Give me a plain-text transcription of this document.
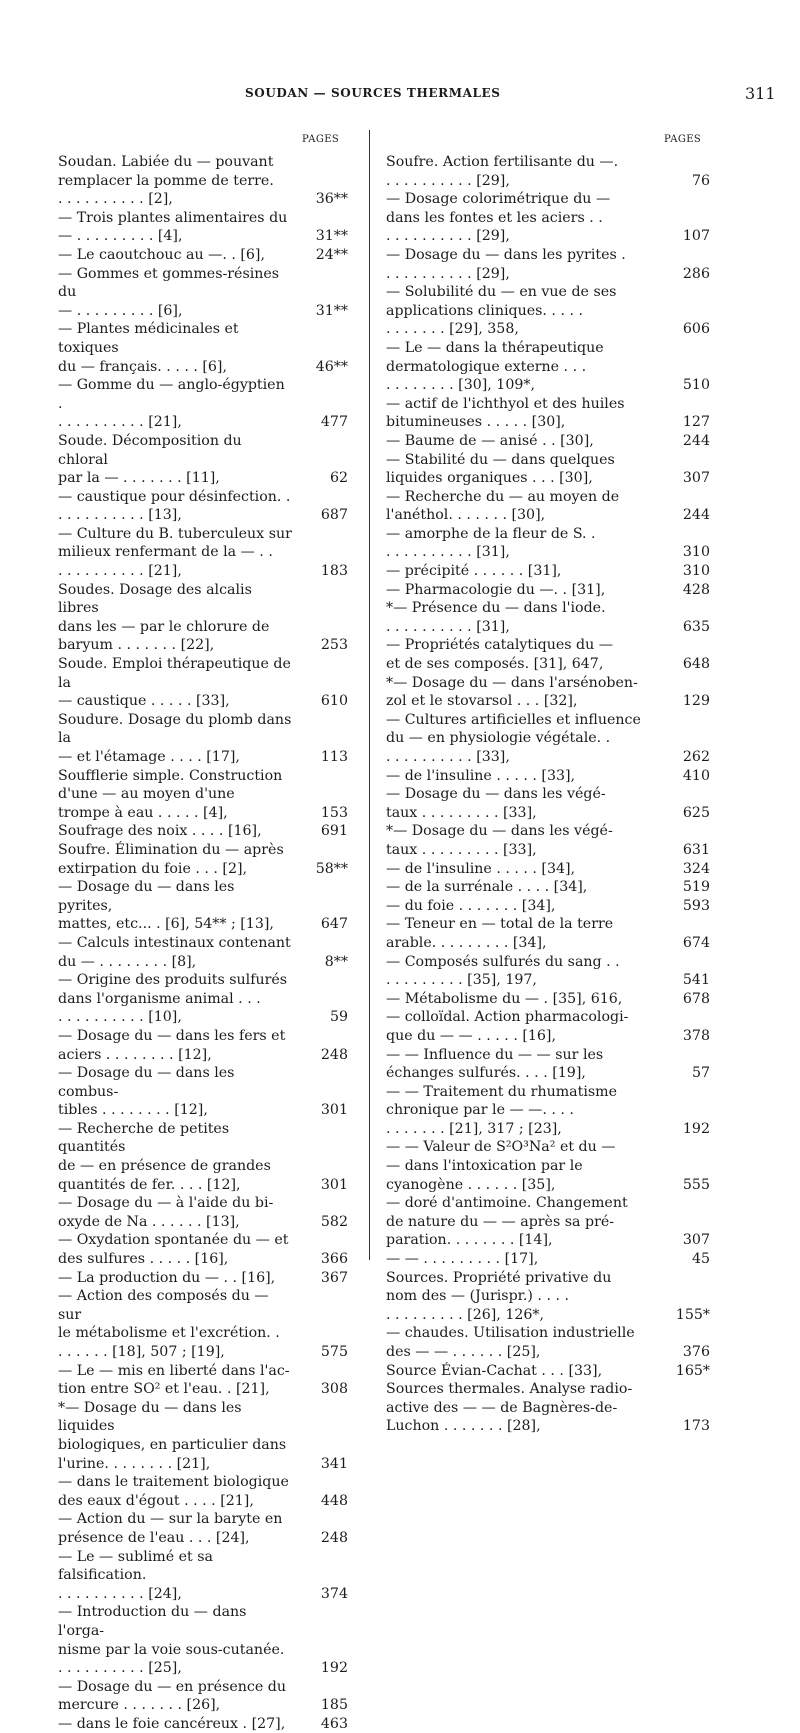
SOUDAN — SOURCES THERMALES	311
PAGES	PAGES
Soudan. Labiée du — pouvant
remplacer la pomme de terre.
. . . . . . . . . . [2],	36**
— Trois plantes alimentaires du
— . . . . . . . . . [4],	31**
— Le caoutchouc au —. . [6],	24**
— Gommes et gommes-résines du
— . . . . . . . . . [6],	31**
— Plantes médicinales et toxiques
du — français. . . . . [6],	46**
— Gomme du — anglo-égyptien .
. . . . . . . . . . [21],	477
Soude. Décomposition du chloral
par la — . . . . . . . [11],	62
— caustique pour désinfection. .
. . . . . . . . . . [13],	687
— Culture du B. tuberculeux sur
milieux renfermant de la — . .
. . . . . . . . . . [21],	183
Soudes. Dosage des alcalis libres
dans les — par le chlorure de
baryum . . . . . . . [22],	253
Soude. Emploi thérapeutique de la
— caustique . . . . . [33],	610
Soudure. Dosage du plomb dans la
— et l'étamage . . . . [17],	113
Soufflerie simple. Construction
d'une — au moyen d'une
trompe à eau . . . . . [4],	153
Soufrage des noix . . . . [16],	691
Soufre. Élimination du — après
extirpation du foie . . . [2],	58**
— Dosage du — dans les pyrites,
mattes, etc... . [6], 54** ; [13],	647
— Calculs intestinaux contenant
du — . . . . . . . . [8],	8**
— Origine des produits sulfurés
dans l'organisme animal . . .
. . . . . . . . . . [10],	59
— Dosage du — dans les fers et
aciers . . . . . . . . [12],	248
— Dosage du — dans les combus-
tibles . . . . . . . . [12],	301
— Recherche de petites quantités
de — en présence de grandes
quantités de fer. . . . [12],	301
— Dosage du — à l'aide du bi-
oxyde de Na . . . . . . [13],	582
— Oxydation spontanée du — et
des sulfures . . . . . [16],	366
— La production du — . . [16],	367
— Action des composés du — sur
le métabolisme et l'excrétion. .
. . . . . . [18], 507 ; [19],	575
— Le — mis en liberté dans l'ac-
tion entre SO² et l'eau. . [21],	308
*— Dosage du — dans les liquides
biologiques, en particulier dans
l'urine. . . . . . . . [21],	341
— dans le traitement biologique
des eaux d'égout . . . . [21],	448
— Action du — sur la baryte en
présence de l'eau . . . [24],	248
— Le — sublimé et sa falsification.
. . . . . . . . . . [24],	374
— Introduction du — dans l'orga-
nisme par la voie sous-cutanée.
. . . . . . . . . . [25],	192
— Dosage du — en présence du
mercure . . . . . . . [26],	185
— dans le foie cancéreux . [27],	463
Soufre. Action fertilisante du —.
. . . . . . . . . . [29],	76
— Dosage colorimétrique du —
dans les fontes et les aciers . .
. . . . . . . . . . [29],	107
— Dosage du — dans les pyrites .
. . . . . . . . . . [29],	286
— Solubilité du — en vue de ses
applications cliniques. . . . .
. . . . . . . [29], 358,	606
— Le — dans la thérapeutique
dermatologique externe . . .
. . . . . . . . [30], 109*,	510
— actif de l'ichthyol et des huiles
bitumineuses . . . . . [30],	127
— Baume de — anisé . . [30],	244
— Stabilité du — dans quelques
liquides organiques . . . [30],	307
— Recherche du — au moyen de
l'anéthol. . . . . . . [30],	244
— amorphe de la fleur de S. .
. . . . . . . . . . [31],	310
— précipité . . . . . . [31],	310
— Pharmacologie du —. . [31],	428
*— Présence du — dans l'iode.
. . . . . . . . . . [31],	635
— Propriétés catalytiques du —
et de ses composés. [31], 647,	648
*— Dosage du — dans l'arsénoben-
zol et le stovarsol . . . [32],	129
— Cultures artificielles et influence
du — en physiologie végétale. .
. . . . . . . . . . [33],	262
— de l'insuline . . . . . [33],	410
— Dosage du — dans les végé-
taux . . . . . . . . . [33],	625
*— Dosage du — dans les végé-
taux . . . . . . . . . [33],	631
— de l'insuline . . . . . [34],	324
— de la surrénale . . . . [34],	519
— du foie . . . . . . . [34],	593
— Teneur en — total de la terre
arable. . . . . . . . . [34],	674
— Composés sulfurés du sang . .
. . . . . . . . . [35], 197,	541
— Métabolisme du — . [35], 616,	678
— colloïdal. Action pharmacologi-
que du — — . . . . . [16],	378
— — Influence du — — sur les
échanges sulfurés. . . . [19],	57
— — Traitement du rhumatisme
chronique par le — —. . . .
. . . . . . . [21], 317 ; [23],	192
— — Valeur de S²O³Na² et du —
— dans l'intoxication par le
cyanogène . . . . . . [35],	555
— doré d'antimoine. Changement
de nature du — — après sa pré-
paration. . . . . . . . [14],	307
— — . . . . . . . . . [17],	45
Sources. Propriété privative du
nom des — (Jurispr.) . . . .
. . . . . . . . . [26], 126*,	155*
— chaudes. Utilisation industrielle
des — — . . . . . . [25],	376
Source Évian-Cachat . . . [33],	165*
Sources thermales. Analyse radio-
active des — — de Bagnères-de-
Luchon . . . . . . . [28],	173
